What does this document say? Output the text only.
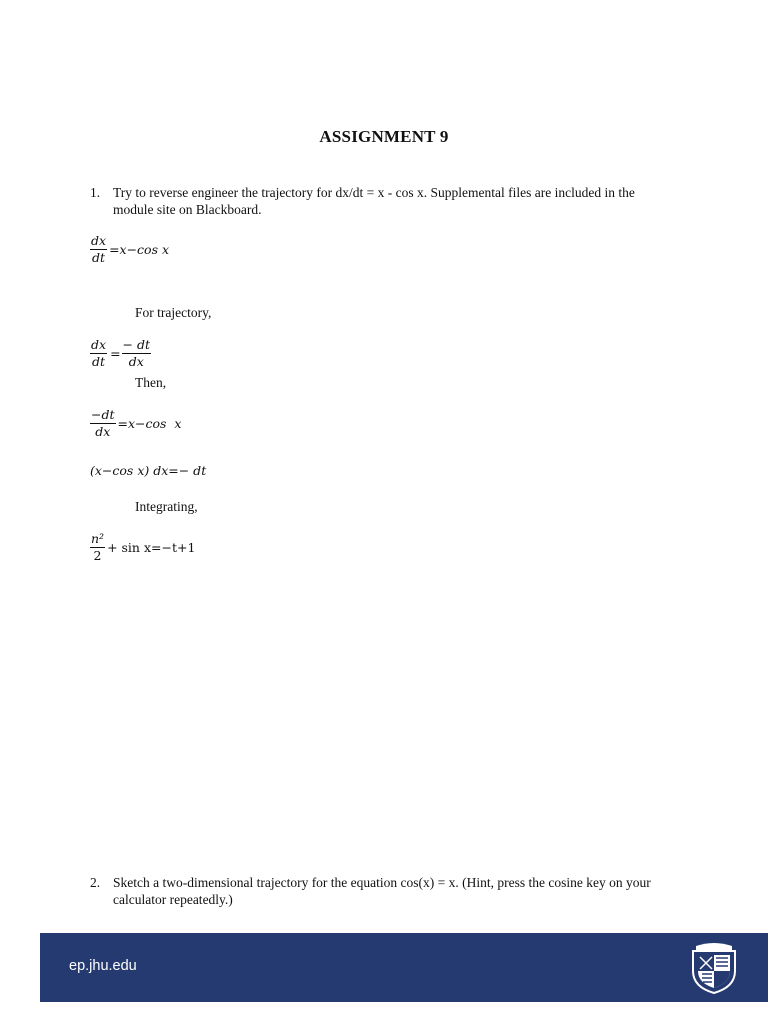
ASSIGNMENT 9
1. Try to reverse engineer the trajectory for dx/dt = x - cos x. Supplemental files are included in the module site on Blackboard.
$\frac{dx}{dt} =x-\cos$ x
For trajectory,
$\frac{dx}{dt} = \frac{- dt}{dx}$
Then,
$\frac{-dt}{dx} =x-\cos$  x
(x−cos x) dx=− dt
Integrating,
$\frac{\text{n²}}{2} + \sin x=-t+1$
2. Sketch a two-dimensional trajectory for the equation cos(x) = x. (Hint, press the cosine key on your calculator repeatedly.)
ep.jhu.edu
